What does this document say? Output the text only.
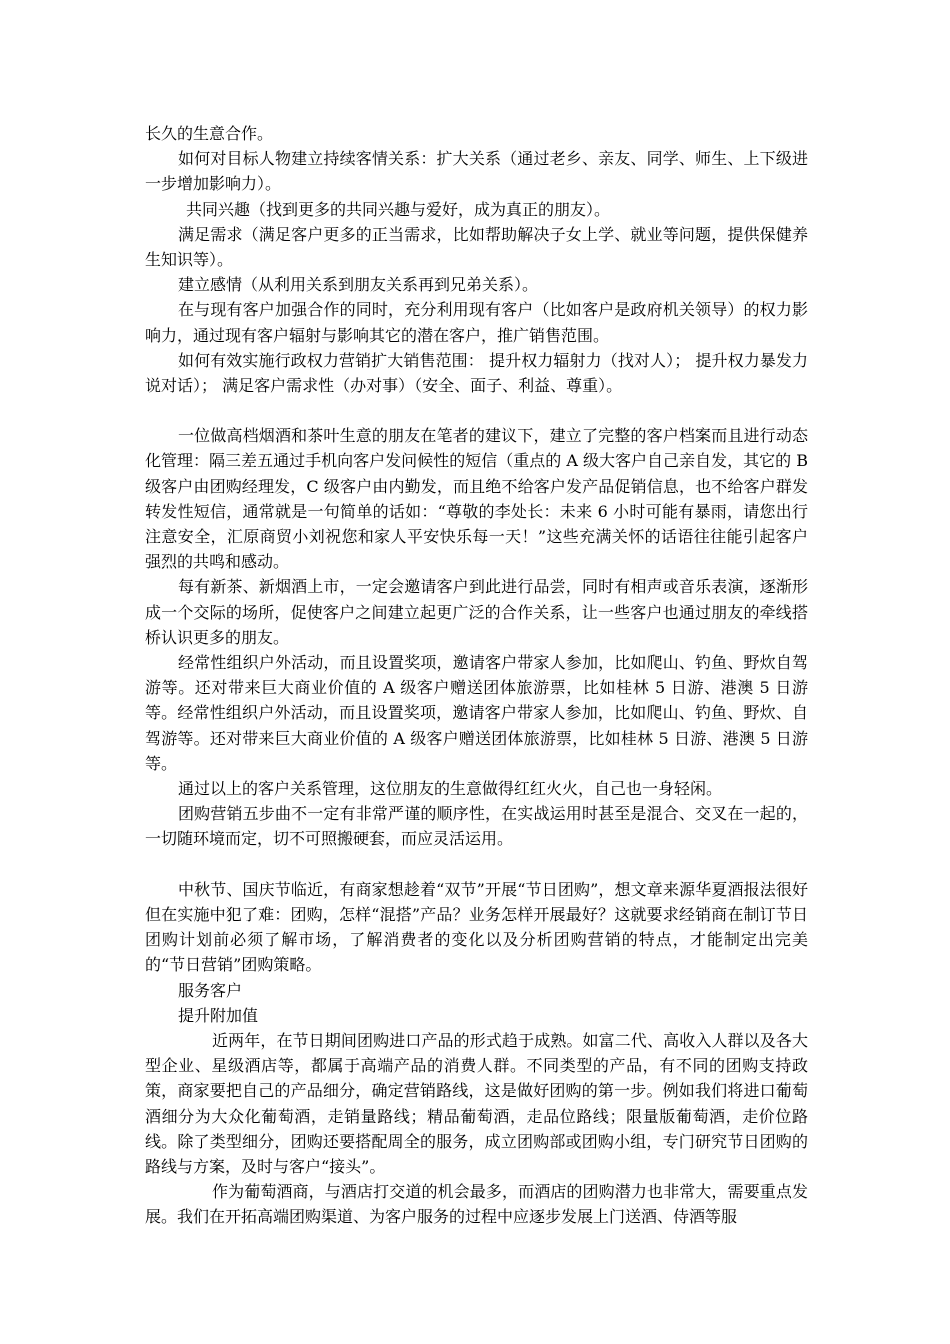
长久的生意合作。

如何对目标人物建立持续客情关系：扩大关系（通过老乡、亲友、同学、师生、上下级进一步增加影响力）。

共同兴趣（找到更多的共同兴趣与爱好，成为真正的朋友）。

满足需求（满足客户更多的正当需求，比如帮助解决子女上学、就业等问题，提供保健养生知识等）。

建立感情（从利用关系到朋友关系再到兄弟关系）。

在与现有客户加强合作的同时，充分利用现有客户（比如客户是政府机关领导）的权力影响力，通过现有客户辐射与影响其它的潜在客户，推广销售范围。

如何有效实施行政权力营销扩大销售范围： 提升权力辐射力（找对人）； 提升权力暴发力说对话）； 满足客户需求性（办对事）（安全、面子、利益、尊重）。

一位做高档烟酒和茶叶生意的朋友在笔者的建议下，建立了完整的客户档案而且进行动态化管理：隔三差五通过手机向客户发问候性的短信（重点的 A 级大客户自己亲自发，其它的 B 级客户由团购经理发，C 级客户由内勤发，而且绝不给客户发产品促销信息，也不给客户群发转发性短信，通常就是一句简单的话如：“尊敬的李处长：未来 6 小时可能有暴雨，请您出行注意安全，汇原商贸小刘祝您和家人平安快乐每一天！”这些充满关怀的话语往往能引起客户强烈的共鸣和感动。

每有新茶、新烟酒上市，一定会邀请客户到此进行品尝，同时有相声或音乐表演，逐渐形成一个交际的场所，促使客户之间建立起更广泛的合作关系，让一些客户也通过朋友的牵线搭桥认识更多的朋友。

经常性组织户外活动，而且设置奖项，邀请客户带家人参加，比如爬山、钓鱼、野炊自驾游等。还对带来巨大商业价值的 A 级客户赠送团体旅游票，比如桂林 5 日游、港澳 5 日游等。经常性组织户外活动，而且设置奖项，邀请客户带家人参加，比如爬山、钓鱼、野炊、自驾游等。还对带来巨大商业价值的 A 级客户赠送团体旅游票，比如桂林 5 日游、港澳 5 日游等。

通过以上的客户关系管理，这位朋友的生意做得红红火火，自己也一身轻闲。

团购营销五步曲不一定有非常严谨的顺序性，在实战运用时甚至是混合、交叉在一起的，一切随环境而定，切不可照搬硬套，而应灵活运用。

中秋节、国庆节临近，有商家想趁着“双节”开展“节日团购”，想文章来源华夏酒报法很好但在实施中犯了难：团购，怎样“混搭”产品？业务怎样开展最好？这就要求经销商在制订节日团购计划前必须了解市场，了解消费者的变化以及分析团购营销的特点，才能制定出完美的“节日营销”团购策略。

服务客户

提升附加值

近两年，在节日期间团购进口产品的形式趋于成熟。如富二代、高收入人群以及各大型企业、星级酒店等，都属于高端产品的消费人群。不同类型的产品，有不同的团购支持政策，商家要把自己的产品细分，确定营销路线，这是做好团购的第一步。例如我们将进口葡萄酒细分为大众化葡萄酒，走销量路线；精品葡萄酒，走品位路线；限量版葡萄酒，走价位路线。除了类型细分，团购还要搭配周全的服务，成立团购部或团购小组，专门研究节日团购的路线与方案，及时与客户“接头”。

作为葡萄酒商，与酒店打交道的机会最多，而酒店的团购潜力也非常大，需要重点发展。我们在开拓高端团购渠道、为客户服务的过程中应逐步发展上门送酒、侍酒等服
